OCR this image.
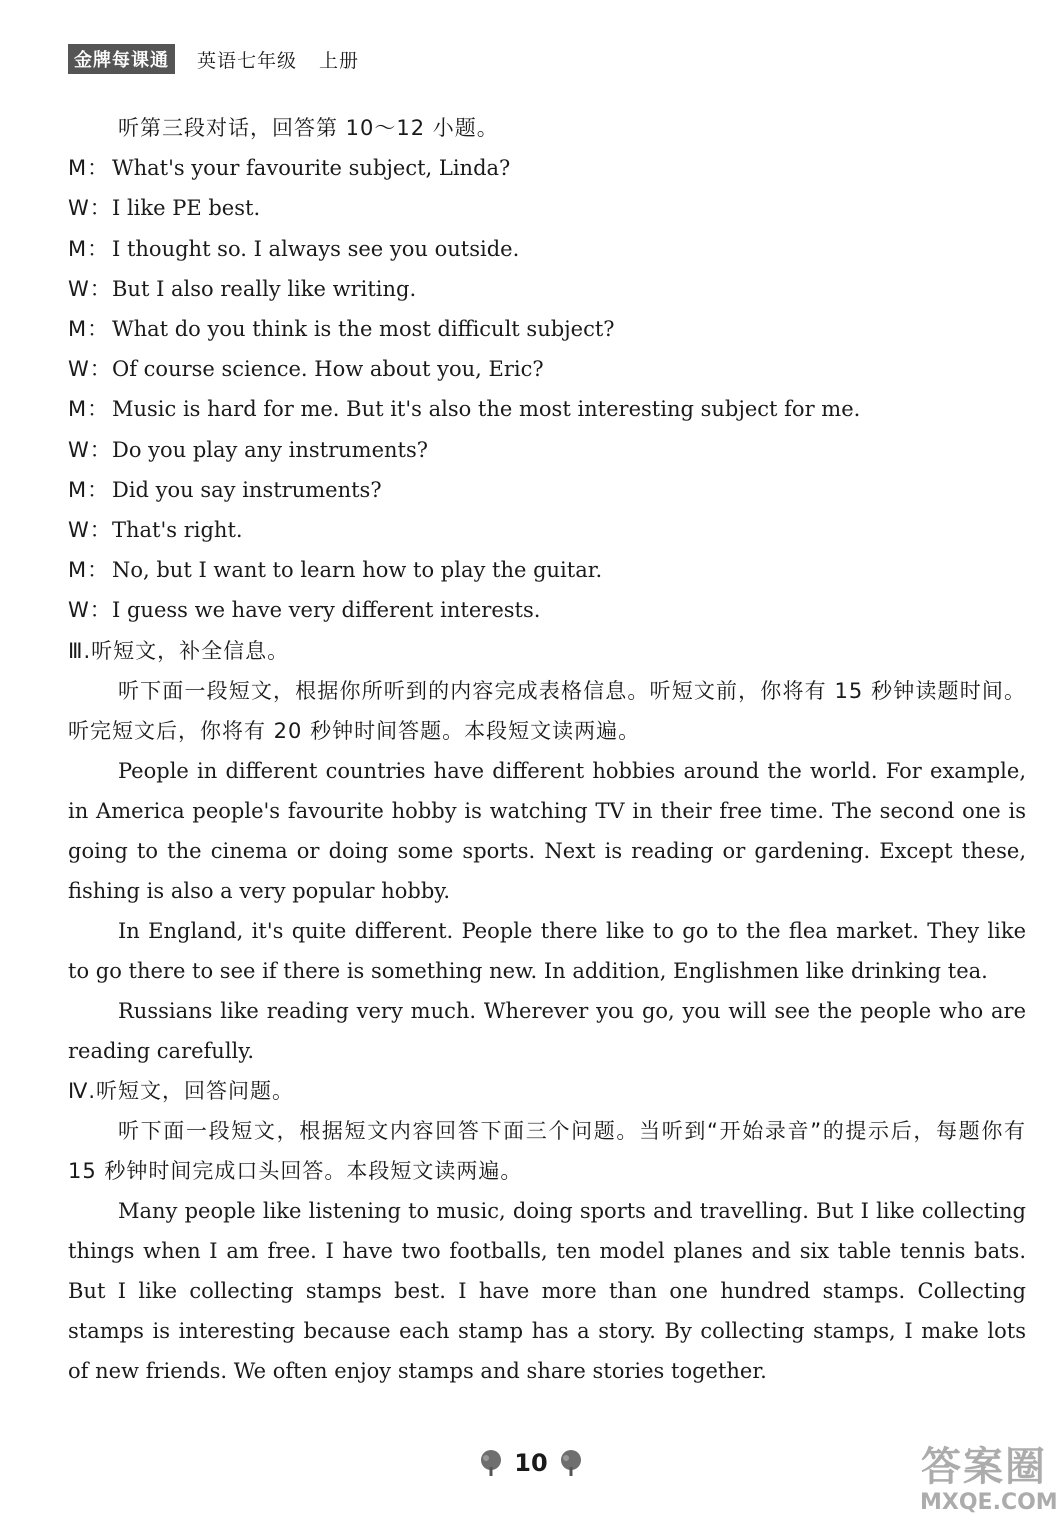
金牌每课通	英语七年级 上册
听第三段对话，回答第 10～12 小题。
M： What's your favourite subject, Linda?
W：I like PE best.
M： I thought so. I always see you outside.
W：But I also really like writing.
M： What do you think is the most difficult subject?
W：Of course science. How about you, Eric?
M： Music is hard for me. But it's also the most interesting subject for me.
W：Do you play any instruments?
M： Did you say instruments?
W：That's right.
M： No, but I want to learn how to play the guitar.
W：I guess we have very different interests.
Ⅲ.听短文，补全信息。

听下面一段短文，根据你所听到的内容完成表格信息。听短文前，你将有 15 秒钟读题时间。听完短文后，你将有 20 秒钟时间答题。本段短文读两遍。

People in different countries have different hobbies around the world. For example, in America people's favourite hobby is watching TV in their free time. The second one is going to the cinema or doing some sports. Next is reading or gardening. Except these, fishing is also a very popular hobby.

In England, it's quite different. People there like to go to the flea market. They like to go there to see if there is something new. In addition, Englishmen like drinking tea.

Russians like reading very much. Wherever you go, you will see the people who are reading carefully.

Ⅳ.听短文，回答问题。

听下面一段短文，根据短文内容回答下面三个问题。当听到“开始录音”的提示后，每题你有 15 秒钟时间完成口头回答。本段短文读两遍。

Many people like listening to music, doing sports and travelling. But I like collecting things when I am free. I have two footballs, ten model planes and six table tennis bats. But I like collecting stamps best. I have more than one hundred stamps. Collecting stamps is interesting because each stamp has a story. By collecting stamps, I make lots of new friends. We often enjoy stamps and share stories together.

10	答案圈
MXQE.COM
